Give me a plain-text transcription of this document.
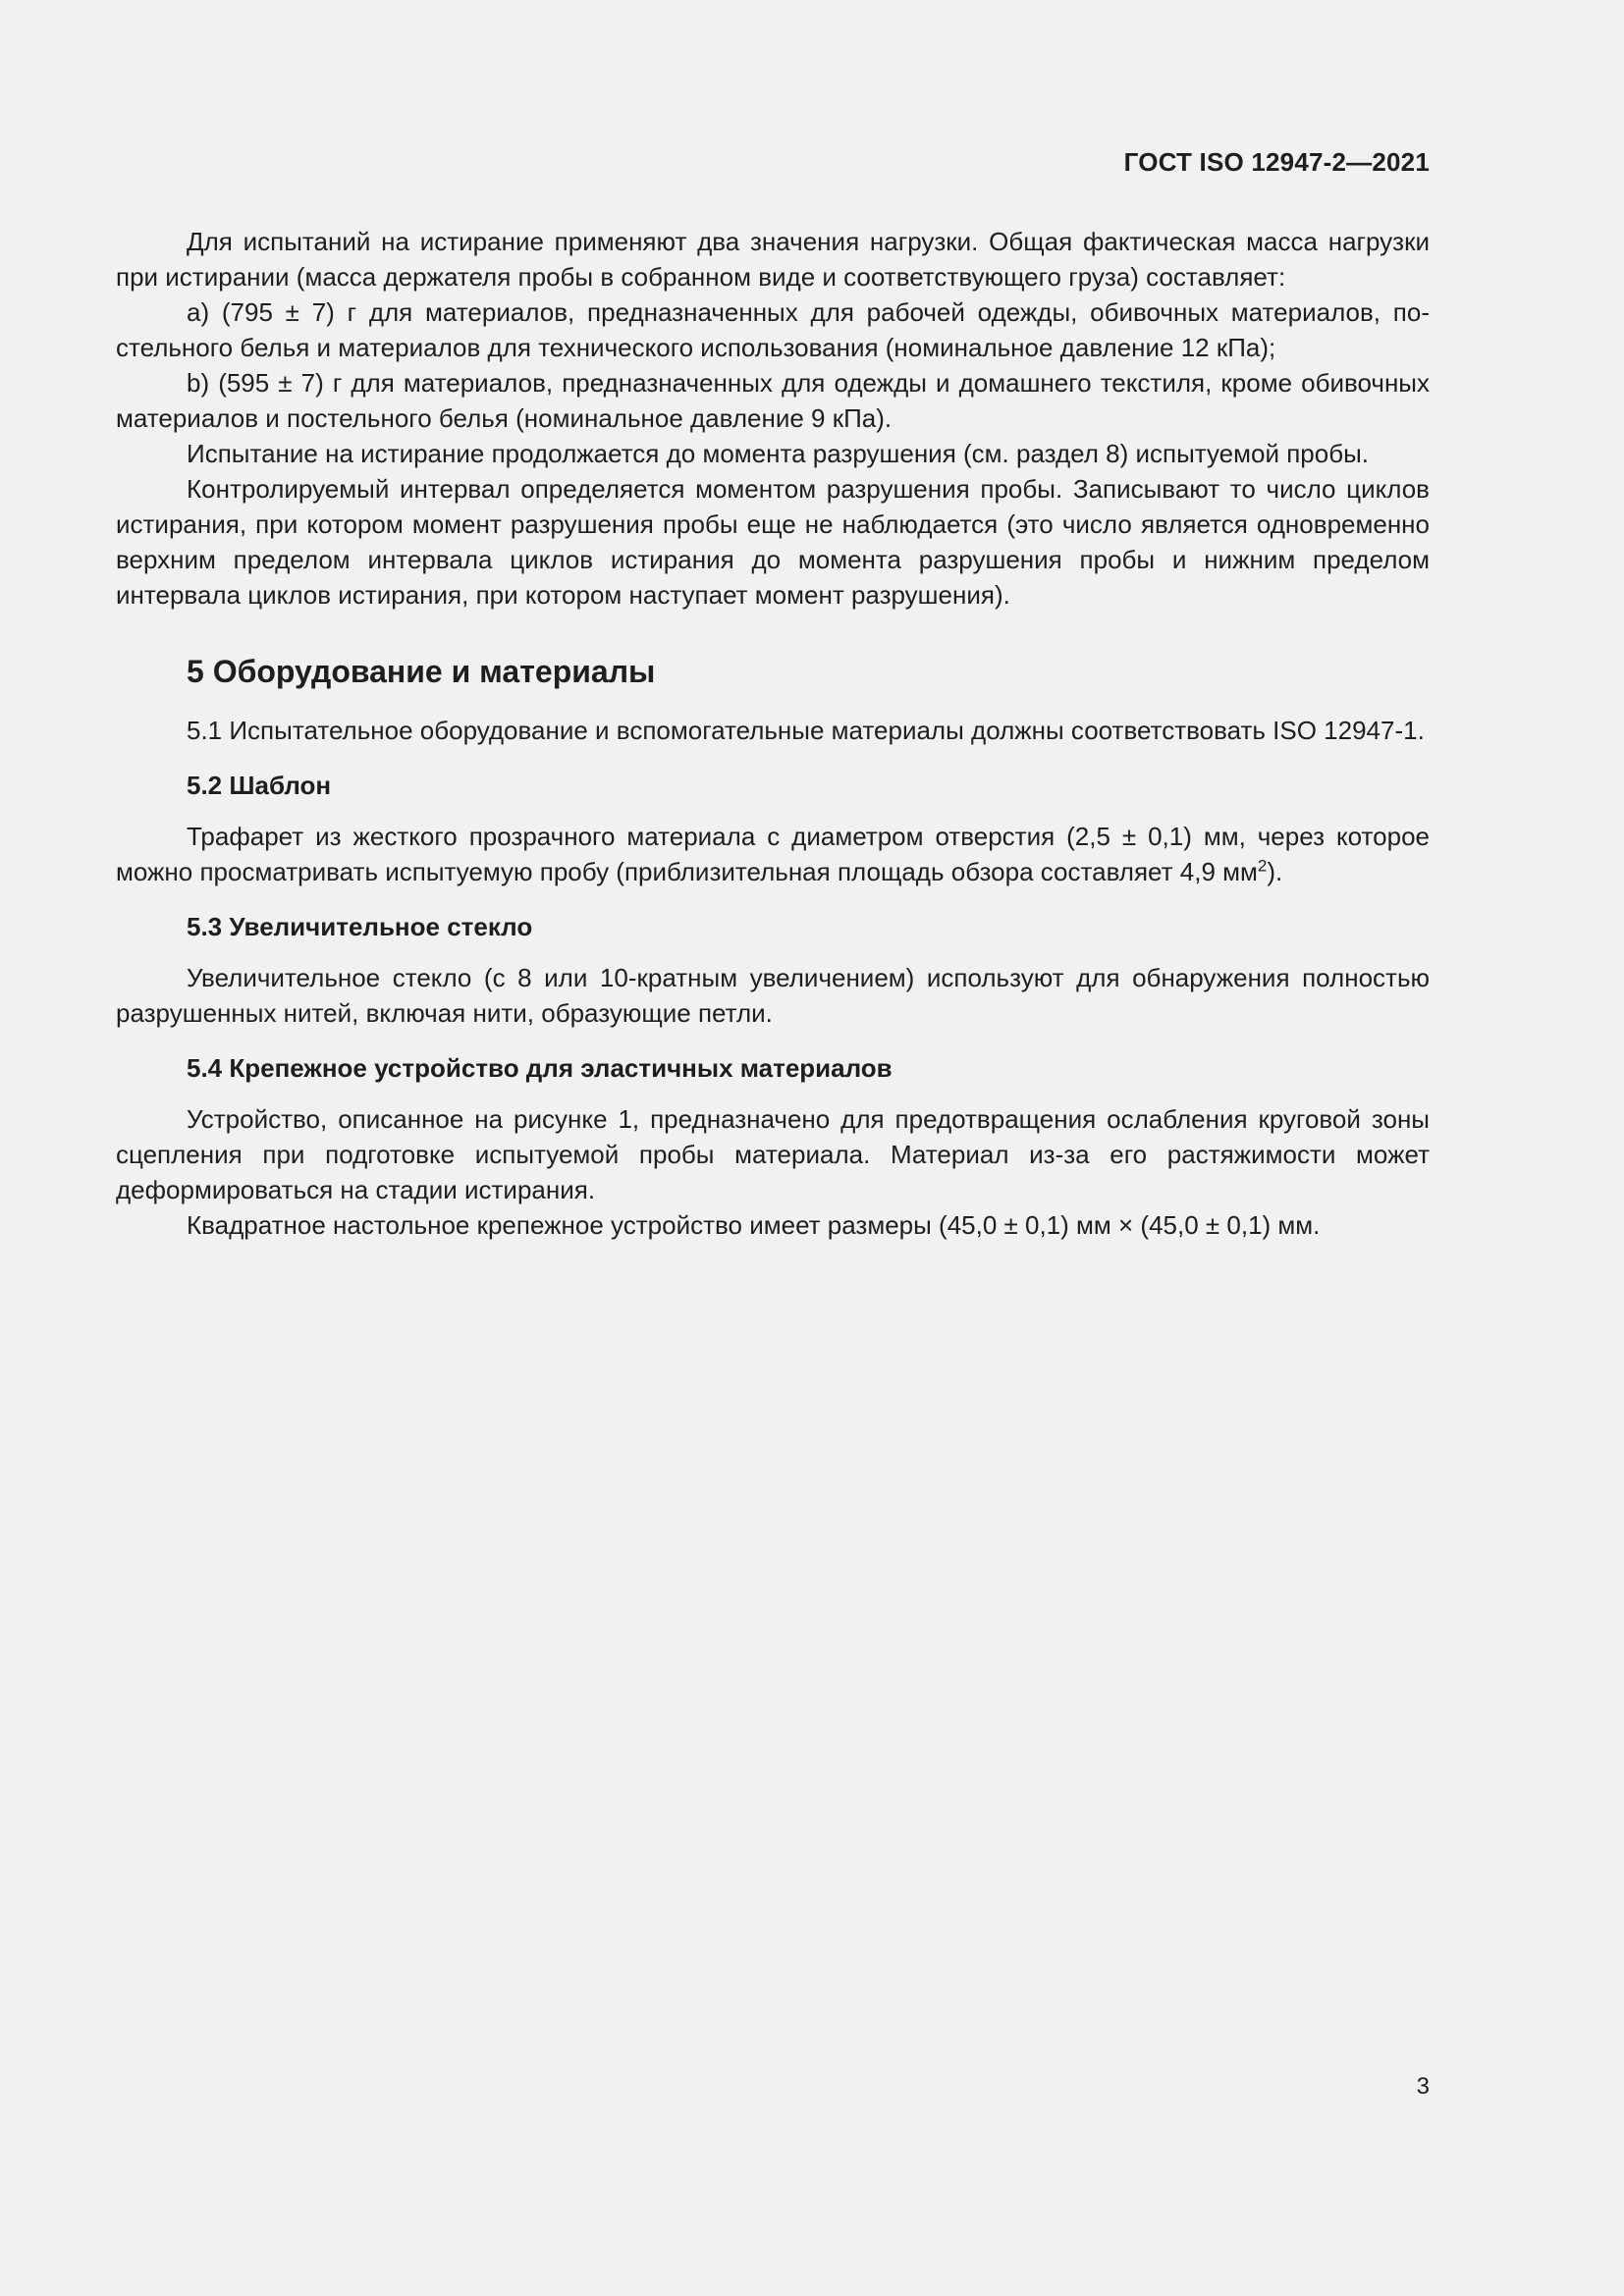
ГОСТ ISO 12947-2—2021

Для испытаний на истирание применяют два значения нагрузки. Общая фактическая масса нагрузки при истирании (масса держателя пробы в собранном виде и соответствующего груза) составляет:

а) (795 ± 7) г для материалов, предназначенных для рабочей одежды, обивочных материалов, постельного белья и материалов для технического использования (номинальное давление 12 кПа);

b) (595 ± 7) г для материалов, предназначенных для одежды и домашнего текстиля, кроме обивочных материалов и постельного белья (номинальное давление 9 кПа).

Испытание на истирание продолжается до момента разрушения (см. раздел 8) испытуемой пробы.

Контролируемый интервал определяется моментом разрушения пробы. Записывают то число циклов истирания, при котором момент разрушения пробы еще не наблюдается (это число является одновременно верхним пределом интервала циклов истирания до момента разрушения пробы и нижним пределом интервала циклов истирания, при котором наступает момент разрушения).

5 Оборудование и материалы

5.1 Испытательное оборудование и вспомогательные материалы должны соответствовать ISO 12947-1.

5.2 Шаблон

Трафарет из жесткого прозрачного материала с диаметром отверстия (2,5 ± 0,1) мм, через которое можно просматривать испытуемую пробу (приблизительная площадь обзора составляет 4,9 $мм^2$).

5.3 Увеличительное стекло

Увеличительное стекло (с 8 или 10-кратным увеличением) используют для обнаружения полностью разрушенных нитей, включая нити, образующие петли.

5.4 Крепежное устройство для эластичных материалов

Устройство, описанное на рисунке 1, предназначено для предотвращения ослабления круговой зоны сцепления при подготовке испытуемой пробы материала. Материал из-за его растяжимости может деформироваться на стадии истирания.

Квадратное настольное крепежное устройство имеет размеры (45,0 ± 0,1) мм × (45,0 ± 0,1) мм.

3
